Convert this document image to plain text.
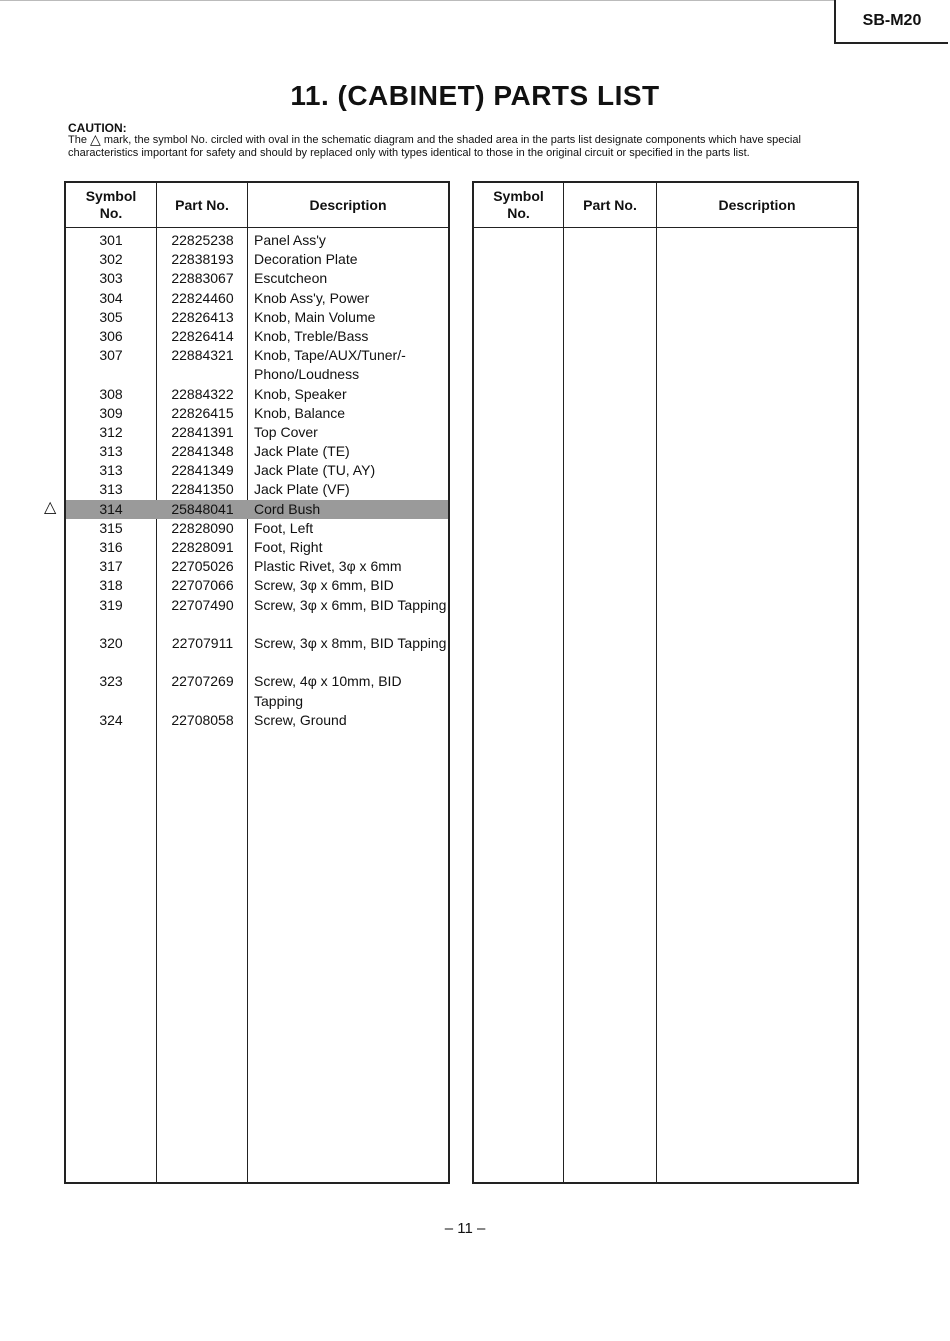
SB-M20
11. (CABINET) PARTS LIST
CAUTION:
The △ mark, the symbol No. circled with oval in the schematic diagram and the shaded area in the parts list designate components which have special characteristics important for safety and should by replaced only with types identical to those in the original circuit or specified in the parts list.
Symbol No.
Part No.	Description
301	22825238	Panel Ass'y
302	22838193	Decoration Plate
303	22883067	Escutcheon
304	22824460	Knob Ass'y, Power
305	22826413	Knob, Main Volume
306	22826414	Knob, Treble/Bass
307	22884321	Knob, Tape/AUX/Tuner/-Phono/Loudness
308	22884322	Knob, Speaker
309	22826415	Knob, Balance
312	22841391	Top Cover
313	22841348	Jack Plate (TE)
313	22841349	Jack Plate (TU, AY)
313	22841350	Jack Plate (VF)
314	25848041	Cord Bush
315	22828090	Foot, Left
316	22828091	Foot, Right
317	22705026	Plastic Rivet, 3φ x 6mm
318	22707066	Screw, 3φ x 6mm, BID
319	22707490	Screw, 3φ x 6mm, BID Tapping
320	22707911	Screw, 3φ x 8mm, BID Tapping
323	22707269	Screw, 4φ x 10mm, BID Tapping
324	22708058	Screw, Ground
Symbol No.
Part No.	Description
△
– 11 –
